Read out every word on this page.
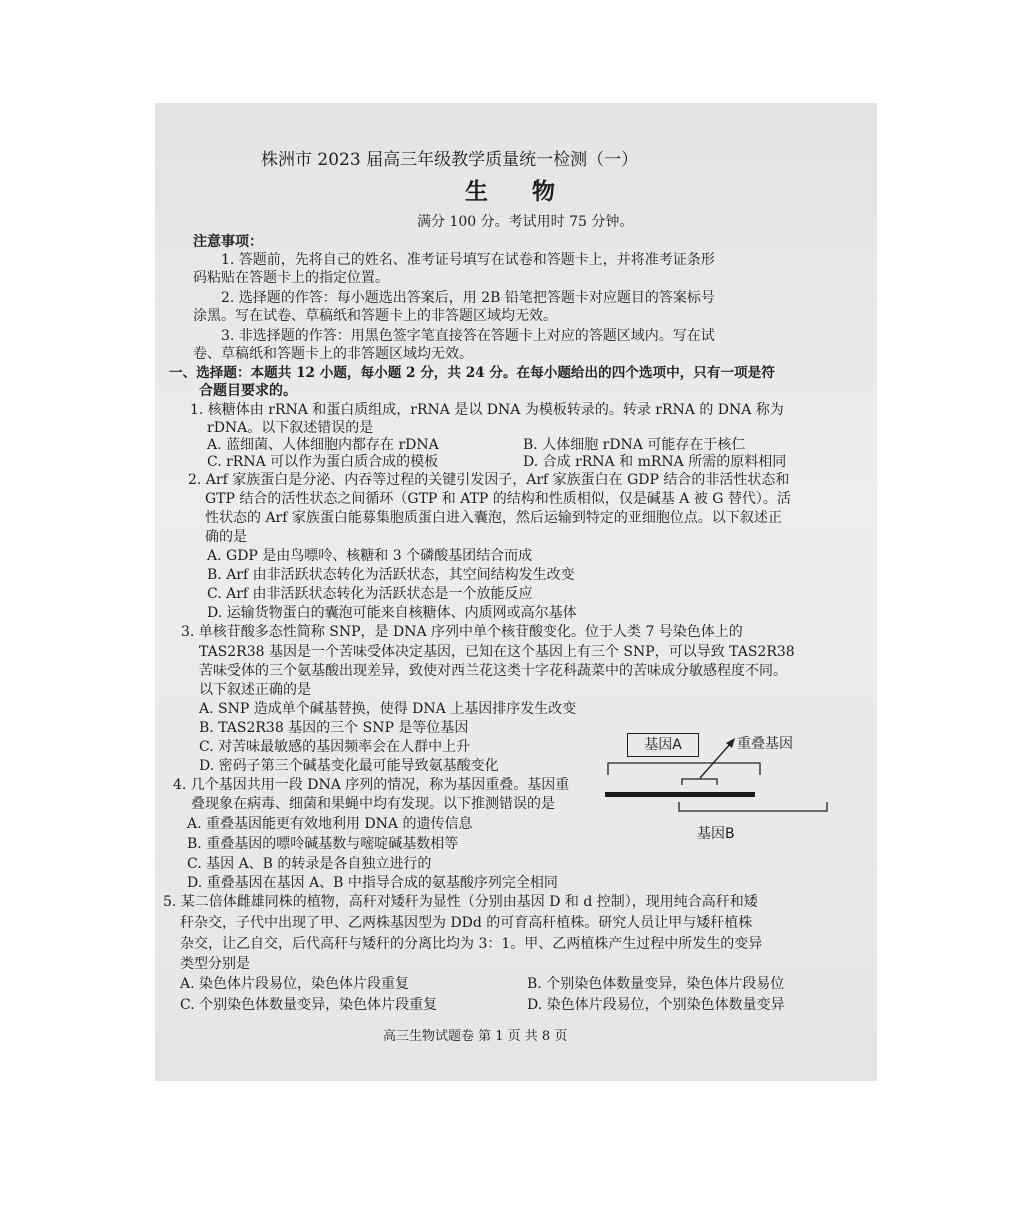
株洲市 2023 届高三年级教学质量统一检测（一）
生 物
满分 100 分。考试用时 75 分钟。
注意事项：
1. 答题前，先将自己的姓名、准考证号填写在试卷和答题卡上，并将准考证条形
码粘贴在答题卡上的指定位置。
2. 选择题的作答：每小题选出答案后，用 2B 铅笔把答题卡对应题目的答案标号
涂黑。写在试卷、草稿纸和答题卡上的非答题区域均无效。
3. 非选择题的作答：用黑色签字笔直接答在答题卡上对应的答题区域内。写在试
卷、草稿纸和答题卡上的非答题区域均无效。
一、选择题：本题共 12 小题，每小题 2 分，共 24 分。在每小题给出的四个选项中，只有一项是符
合题目要求的。
1. 核糖体由 rRNA 和蛋白质组成，rRNA 是以 DNA 为模板转录的。转录 rRNA 的 DNA 称为
rDNA。以下叙述错误的是
A. 蓝细菌、人体细胞内都存在 rDNA	B. 人体细胞 rDNA 可能存在于核仁
C. rRNA 可以作为蛋白质合成的模板	D. 合成 rRNA 和 mRNA 所需的原料相同
2. Arf 家族蛋白是分泌、内吞等过程的关键引发因子，Arf 家族蛋白在 GDP 结合的非活性状态和
GTP 结合的活性状态之间循环（GTP 和 ATP 的结构和性质相似，仅是碱基 A 被 G 替代）。活
性状态的 Arf 家族蛋白能募集胞质蛋白进入囊泡，然后运输到特定的亚细胞位点。以下叙述正
确的是
A. GDP 是由鸟嘌呤、核糖和 3 个磷酸基团结合而成
B. Arf 由非活跃状态转化为活跃状态，其空间结构发生改变
C. Arf 由非活跃状态转化为活跃状态是一个放能反应
D. 运输货物蛋白的囊泡可能来自核糖体、内质网或高尔基体
3. 单核苷酸多态性简称 SNP，是 DNA 序列中单个核苷酸变化。位于人类 7 号染色体上的
TAS2R38 基因是一个苦味受体决定基因，已知在这个基因上有三个 SNP，可以导致 TAS2R38
苦味受体的三个氨基酸出现差异，致使对西兰花这类十字花科蔬菜中的苦味成分敏感程度不同。
以下叙述正确的是
A. SNP 造成单个碱基替换，使得 DNA 上基因排序发生改变
B. TAS2R38 基因的三个 SNP 是等位基因
C. 对苦味最敏感的基因频率会在人群中上升
D. 密码子第三个碱基变化最可能导致氨基酸变化
4. 几个基因共用一段 DNA 序列的情况，称为基因重叠。基因重
叠现象在病毒、细菌和果蝇中均有发现。以下推测错误的是
A. 重叠基因能更有效地利用 DNA 的遗传信息
B. 重叠基因的嘌呤碱基数与嘧啶碱基数相等
C. 基因 A、B 的转录是各自独立进行的
D. 重叠基因在基因 A、B 中指导合成的氨基酸序列完全相同
基因A	重叠基因
基因B
5. 某二倍体雌雄同株的植物，高秆对矮秆为显性（分别由基因 D 和 d 控制），现用纯合高秆和矮
秆杂交，子代中出现了甲、乙两株基因型为 DDd 的可育高秆植株。研究人员让甲与矮秆植株
杂交，让乙自交，后代高秆与矮秆的分离比均为 3：1。甲、乙两植株产生过程中所发生的变异
类型分别是
A. 染色体片段易位，染色体片段重复	B. 个别染色体数量变异，染色体片段易位
C. 个别染色体数量变异，染色体片段重复	D. 染色体片段易位，个别染色体数量变异
高三生物试题卷 第 1 页 共 8 页
